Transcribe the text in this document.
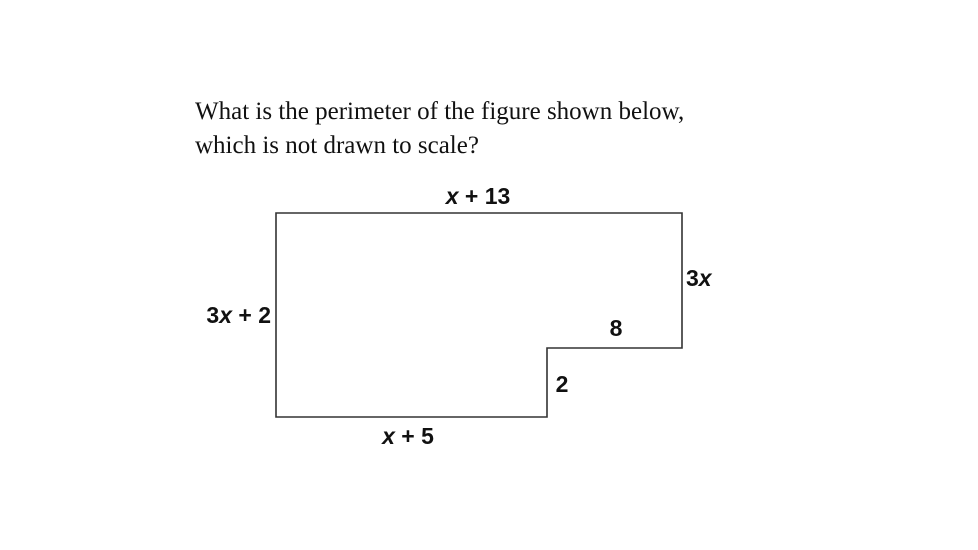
What is the perimeter of the figure shown below,
which is not drawn to scale?

x + 13
3x
3x + 2	8
2
x + 5
